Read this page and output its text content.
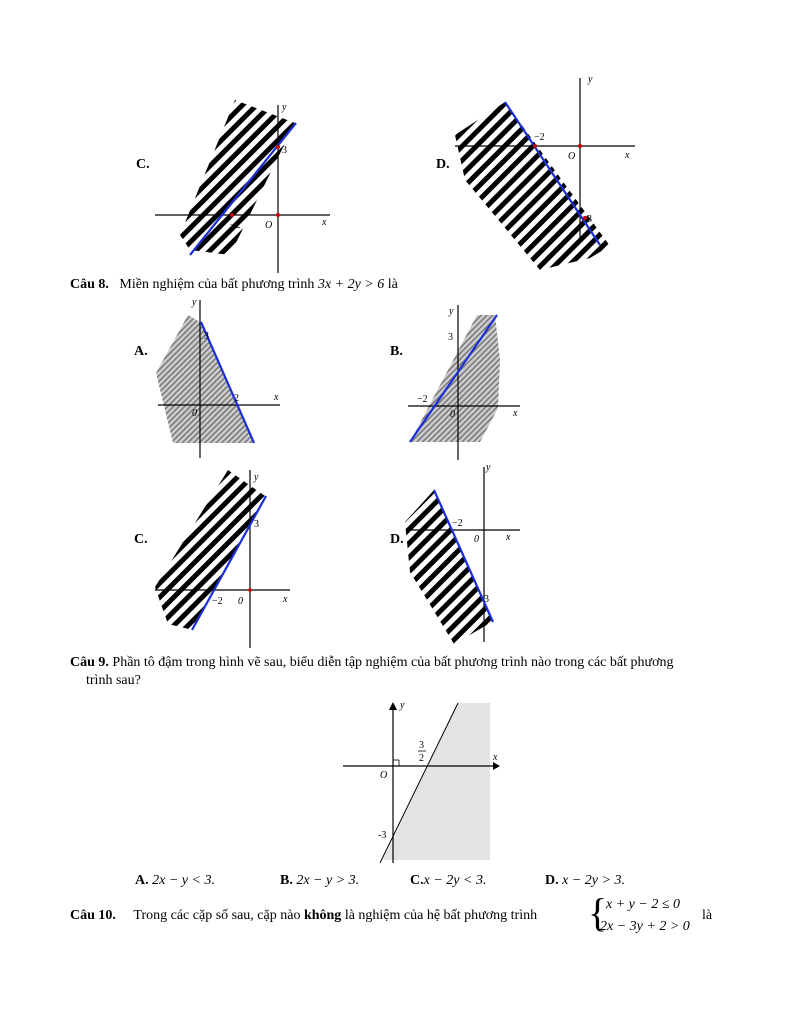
C.
y
x
O
−2
3
D.
y
x
O
−2
3
Câu 8. Miền nghiệm của bất phương trình 3x + 2y > 6 là
A.
y
x
0
2
3
B.
y
x
0
−2
3
C.
y
x
0
−2
3
D.
y
x
0
−2
3
Câu 9. Phần tô đậm trong hình vẽ sau, biểu diễn tập nghiệm của bất phương trình nào trong các bất phương
trình sau?
y
x
O
3
2
-3
A. 2x − y < 3.	B. 2x − y > 3.	C.x − 2y < 3.	D. x − 2y > 3.
Câu 10. Trong các cặp số sau, cặp nào không là nghiệm của hệ bất phương trình {
x + y − 2 ≤ 0
2x − 3y + 2 > 0
là
